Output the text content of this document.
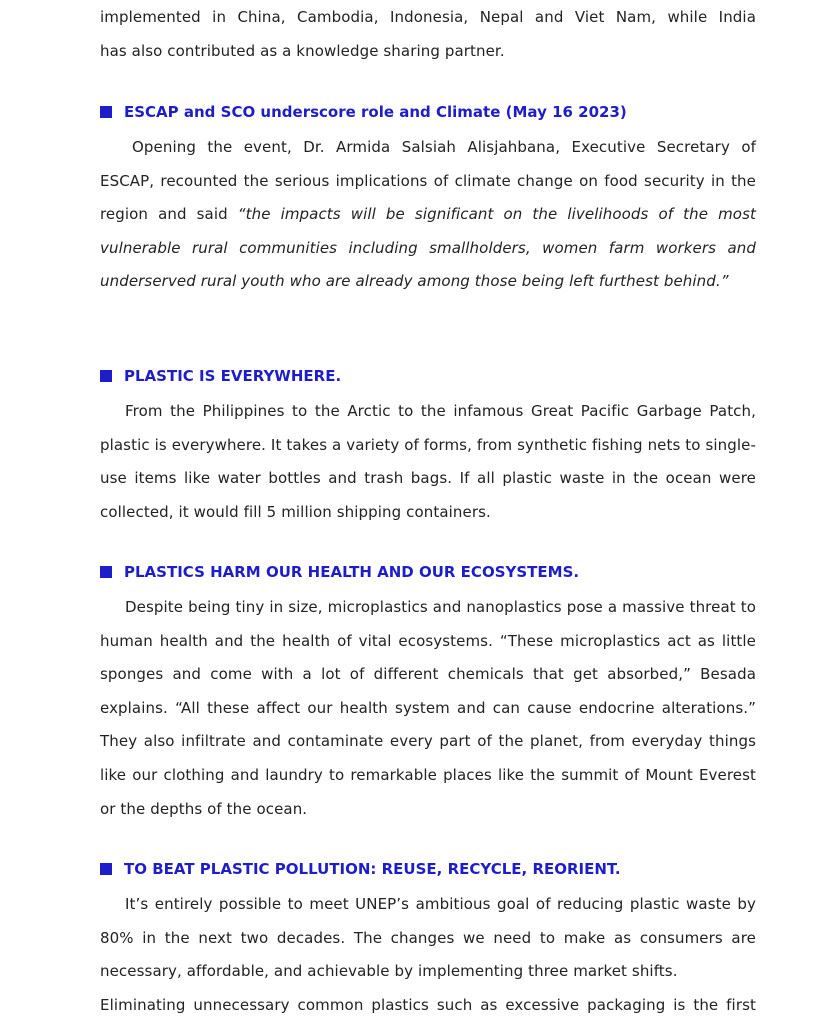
implemented in China, Cambodia, Indonesia, Nepal and Viet Nam, while India

has also contributed as a knowledge sharing partner.

ESCAP and SCO underscore role and Climate (May 16 2023)

Opening the event, Dr. Armida Salsiah Alisjahbana, Executive Secretary of ESCAP, recounted the serious implications of climate change on food security in the region and said “the impacts will be significant on the livelihoods of the most vulnerable rural communities including smallholders, women farm workers and underserved rural youth who are already among those being left furthest behind.”

PLASTIC IS EVERYWHERE.

From the Philippines to the Arctic to the infamous Great Pacific Garbage Patch, plastic is everywhere. It takes a variety of forms, from synthetic fishing nets to single-use items like water bottles and trash bags. If all plastic waste in the ocean were collected, it would fill 5 million shipping containers.

PLASTICS HARM OUR HEALTH AND OUR ECOSYSTEMS.

Despite being tiny in size, microplastics and nanoplastics pose a massive threat to human health and the health of vital ecosystems. “These microplastics act as little sponges and come with a lot of different chemicals that get absorbed,” Besada explains. “All these affect our health system and can cause endocrine alterations.” They also infiltrate and contaminate every part of the planet, from everyday things like our clothing and laundry to remarkable places like the summit of Mount Everest or the depths of the ocean.

TO BEAT PLASTIC POLLUTION: REUSE, RECYCLE, REORIENT.

It’s entirely possible to meet UNEP’s ambitious goal of reducing plastic waste by 80% in the next two decades. The changes we need to make as consumers are necessary, affordable, and achievable by implementing three market shifts.

Eliminating unnecessary common plastics such as excessive packaging is the first
